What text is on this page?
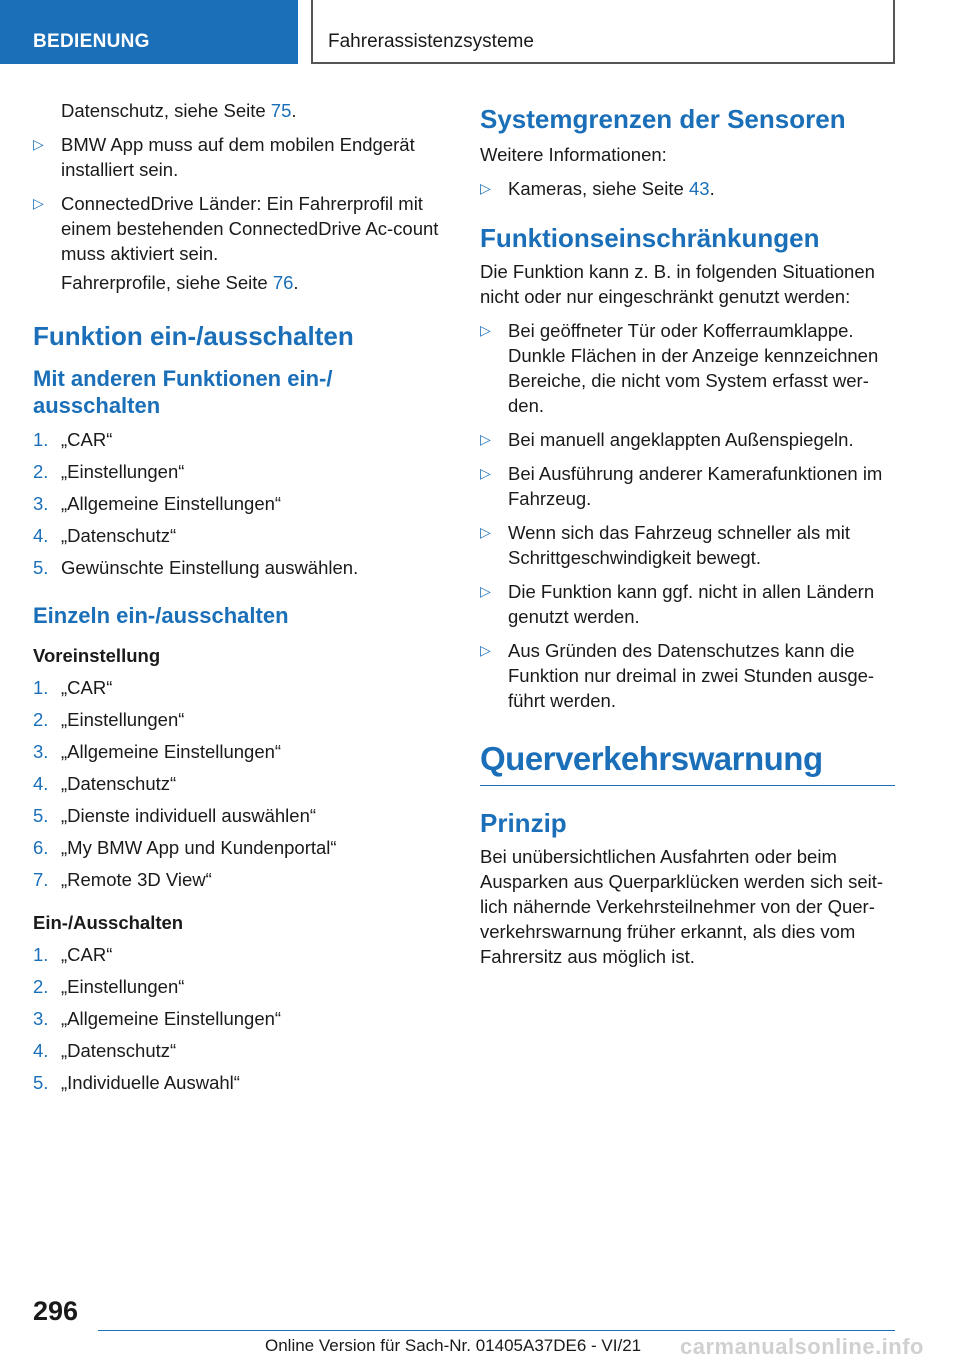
BEDIENUNG	Fahrerassistenzsysteme

Datenschutz, siehe Seite 75.

▷ BMW App muss auf dem mobilen Endgerät installiert sein.
▷ ConnectedDrive Länder: Ein Fahrerprofil mit einem bestehenden ConnectedDrive Ac-count muss aktiviert sein.

Fahrerprofile, siehe Seite 76.

Funktion ein-/ausschalten
Mit anderen Funktionen ein-/ ausschalten
1. „CAR“
2. „Einstellungen“
3. „Allgemeine Einstellungen“
4. „Datenschutz“
5. Gewünschte Einstellung auswählen.
Einzeln ein-/ausschalten
Voreinstellung
1. „CAR“
2. „Einstellungen“
3. „Allgemeine Einstellungen“
4. „Datenschutz“
5. „Dienste individuell auswählen“
6. „My BMW App und Kundenportal“
7. „Remote 3D View“
Ein-/Ausschalten
1. „CAR“
2. „Einstellungen“
3. „Allgemeine Einstellungen“
4. „Datenschutz“
5. „Individuelle Auswahl“
Systemgrenzen der Sensoren

Weitere Informationen:

▷ Kameras, siehe Seite 43.
Funktionseinschränkungen

Die Funktion kann z. B. in folgenden Situationen nicht oder nur eingeschränkt genutzt werden:

▷ Bei geöffneter Tür oder Kofferraumklappe. Dunkle Flächen in der Anzeige kennzeichnen Bereiche, die nicht vom System erfasst wer-den.
▷ Bei manuell angeklappten Außenspiegeln.
▷ Bei Ausführung anderer Kamerafunktionen im Fahrzeug.
▷ Wenn sich das Fahrzeug schneller als mit Schrittgeschwindigkeit bewegt.
▷ Die Funktion kann ggf. nicht in allen Ländern genutzt werden.
▷ Aus Gründen des Datenschutzes kann die Funktion nur dreimal in zwei Stunden ausge-führt werden.
Querverkehrswarnung
Prinzip

Bei unübersichtlichen Ausfahrten oder beim Ausparken aus Querparklücken werden sich seit-lich nähernde Verkehrsteilnehmer von der Quer-verkehrswarnung früher erkannt, als dies vom Fahrersitz aus möglich ist.

296
Online Version für Sach-Nr. 01405A37DE6 - VI/21 carmanualsonline.info
